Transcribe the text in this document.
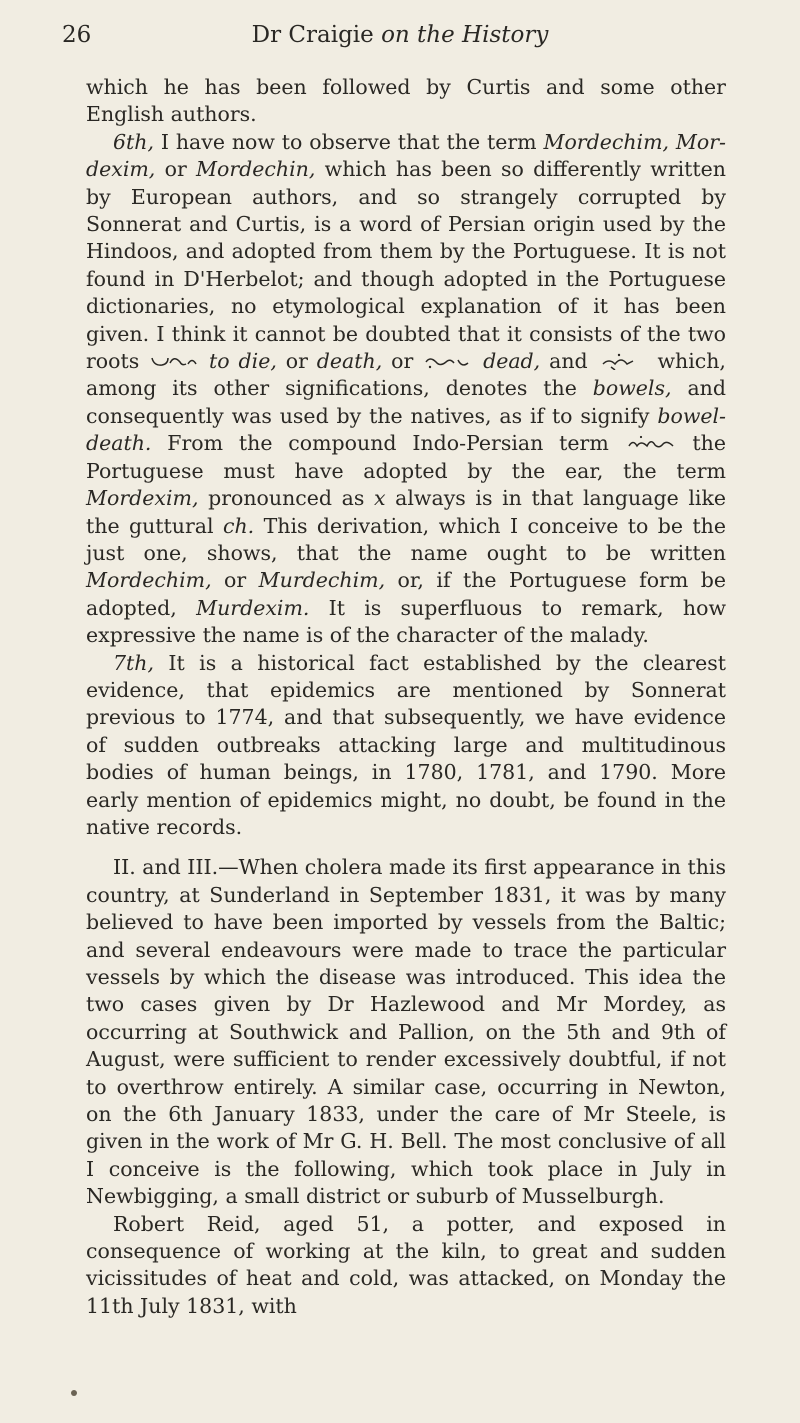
26	Dr Craigie on the History

which he has been followed by Curtis and some other English authors.

6th, I have now to observe that the term Mordechim, Mor-dexim, or Mordechin, which has been so differently written by European authors, and so strangely corrupted by Sonnerat and Curtis, is a word of Persian origin used by the Hindoos, and adopted from them by the Portuguese. It is not found in D'Herbelot; and though adopted in the Portuguese dictionaries, no etymological explanation of it has been given. I think it cannot be doubted that it consists of the two roots	to die, or death, or	dead, and	which, among its other significations, denotes the bowels, and consequently was used by the natives, as if to signify bowel-death. From the compound Indo-Persian term	the Portuguese must have adopted by the ear, the term Mordexim, pronounced as x always is in that language like the guttural ch. This derivation, which I conceive to be the just one, shows, that the name ought to be written Mordechim, or Murdechim, or, if the Portuguese form be adopted, Murdexim. It is superfluous to remark, how expressive the name is of the character of the malady.

7th, It is a historical fact established by the clearest evidence, that epidemics are mentioned by Sonnerat previous to 1774, and that subsequently, we have evidence of sudden outbreaks attacking large and multitudinous bodies of human beings, in 1780, 1781, and 1790. More early mention of epidemics might, no doubt, be found in the native records.

II. and III.—When cholera made its first appearance in this country, at Sunderland in September 1831, it was by many believed to have been imported by vessels from the Baltic; and several endeavours were made to trace the particular vessels by which the disease was introduced. This idea the two cases given by Dr Hazlewood and Mr Mordey, as occurring at Southwick and Pallion, on the 5th and 9th of August, were sufficient to render excessively doubtful, if not to overthrow entirely. A similar case, occurring in Newton, on the 6th January 1833, under the care of Mr Steele, is given in the work of Mr G. H. Bell. The most conclusive of all I conceive is the following, which took place in July in Newbigging, a small district or suburb of Musselburgh.

Robert Reid, aged 51, a potter, and exposed in consequence of working at the kiln, to great and sudden vicissitudes of heat and cold, was attacked, on Monday the 11th July 1831, with
